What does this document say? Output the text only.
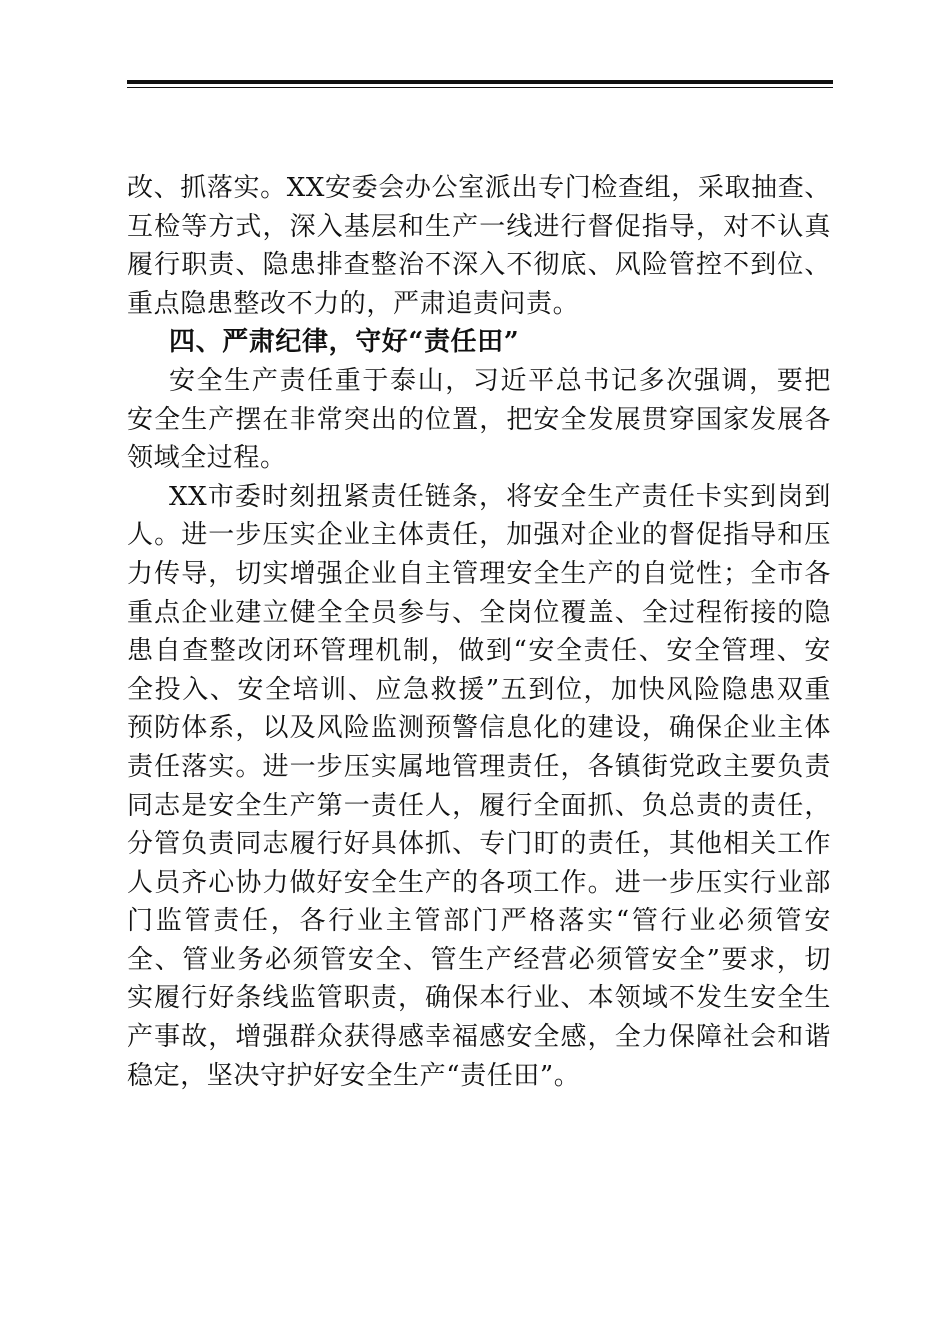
改、抓落实。XX安委会办公室派出专门检查组，采取抽查、互检等方式，深入基层和生产一线进行督促指导，对不认真履行职责、隐患排查整治不深入不彻底、风险管控不到位、重点隐患整改不力的，严肃追责问责。

四、严肃纪律，守好“责任田”

安全生产责任重于泰山，习近平总书记多次强调，要把安全生产摆在非常突出的位置，把安全发展贯穿国家发展各领域全过程。

XX市委时刻扭紧责任链条，将安全生产责任卡实到岗到人。进一步压实企业主体责任，加强对企业的督促指导和压力传导，切实增强企业自主管理安全生产的自觉性；全市各重点企业建立健全全员参与、全岗位覆盖、全过程衔接的隐患自查整改闭环管理机制，做到“安全责任、安全管理、安全投入、安全培训、应急救援”五到位，加快风险隐患双重预防体系，以及风险监测预警信息化的建设，确保企业主体责任落实。进一步压实属地管理责任，各镇街党政主要负责同志是安全生产第一责任人，履行全面抓、负总责的责任，分管负责同志履行好具体抓、专门盯的责任，其他相关工作人员齐心协力做好安全生产的各项工作。进一步压实行业部门监管责任，各行业主管部门严格落实“管行业必须管安全、管业务必须管安全、管生产经营必须管安全”要求，切实履行好条线监管职责，确保本行业、本领域不发生安全生产事故，增强群众获得感幸福感安全感，全力保障社会和谐稳定，坚决守护好安全生产“责任田”。
